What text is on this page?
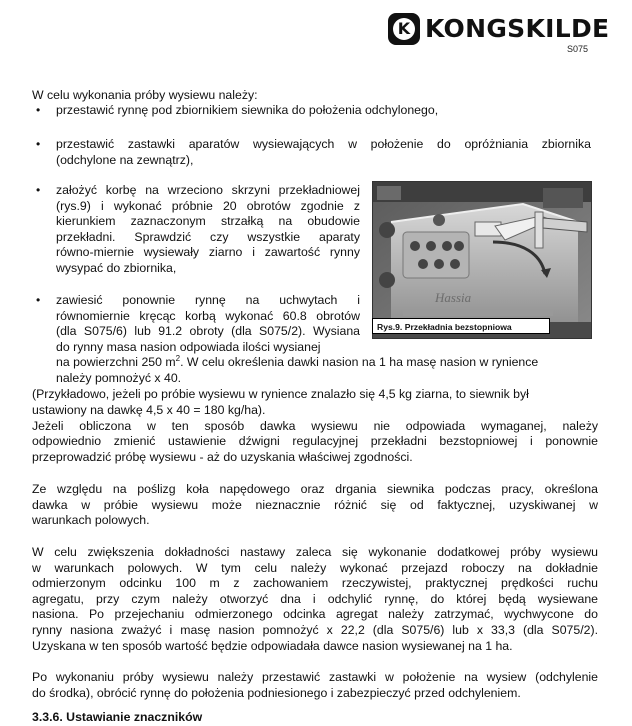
K KONGSKILDE
S075
W celu wykonania próby wysiewu należy:
• przestawić rynnę pod zbiornikiem siewnika do położenia odchylonego,
• przestawić zastawki aparatów wysiewających w położenie do opróżniania zbiornika
(odchylone na zewnątrz),
• założyć korbę na wrzeciono skrzyni przekładniowej
(rys.9) i wykonać próbnie 20 obrotów zgodnie z
kierunkiem zaznaczonym strzałką na obudowie
przekładni. Sprawdzić czy wszystkie aparaty
równo-miernie wysiewały ziarno i zawartość rynny
wysypać do zbiornika,
Hassia
Rys.9. Przekładnia bezstopniowa
• zawiesić ponownie rynnę na uchwytach i
równomiernie kręcąc korbą wykonać 60.8 obrotów
(dla S075/6) lub 91.2 obroty (dla S075/2). Wysiana
do rynny masa nasion odpowiada ilości wysianej
na powierzchni 250 $m^2$. W celu określenia dawki nasion na 1 ha masę nasion w rynience
należy pomnożyć x 40.
(Przykładowo, jeżeli po próbie wysiewu w rynience znalazło się 4,5 kg ziarna, to siewnik był
ustawiony na dawkę 4,5 x 40 = 180 kg/ha).
Jeżeli obliczona w ten sposób dawka wysiewu nie odpowiada wymaganej, należy
odpowiednio zmienić ustawienie dźwigni regulacyjnej przekładni bezstopniowej i ponownie
przeprowadzić próbę wysiewu - aż do uzyskania właściwej zgodności.
Ze względu na poślizg koła napędowego oraz drgania siewnika podczas pracy, określona
dawka w próbie wysiewu może nieznacznie różnić się od faktycznej, uzyskiwanej w
warunkach polowych.
W celu zwiększenia dokładności nastawy zaleca się wykonanie dodatkowej próby wysiewu
w warunkach polowych. W tym celu należy wykonać przejazd roboczy na dokładnie
odmierzonym odcinku 100 m z zachowaniem rzeczywistej, praktycznej prędkości ruchu
agregatu, przy czym należy otworzyć dna i odchylić rynnę, do której będą wysiewane
nasiona. Po przejechaniu odmierzonego odcinka agregat należy zatrzymać, wychwycone do
rynny nasiona zważyć i masę nasion pomnożyć x 22,2 (dla S075/6) lub x 33,3 (dla S075/2).
Uzyskana w ten sposób wartość będzie odpowiadała dawce nasion wysiewanej na 1 ha.
Po wykonaniu próby wysiewu należy przestawić zastawki w położenie na wysiew (odchylenie
do środka), obrócić rynnę do położenia podniesionego i zabezpieczyć przed odchyleniem.
3.3.6. Ustawianie znaczników
